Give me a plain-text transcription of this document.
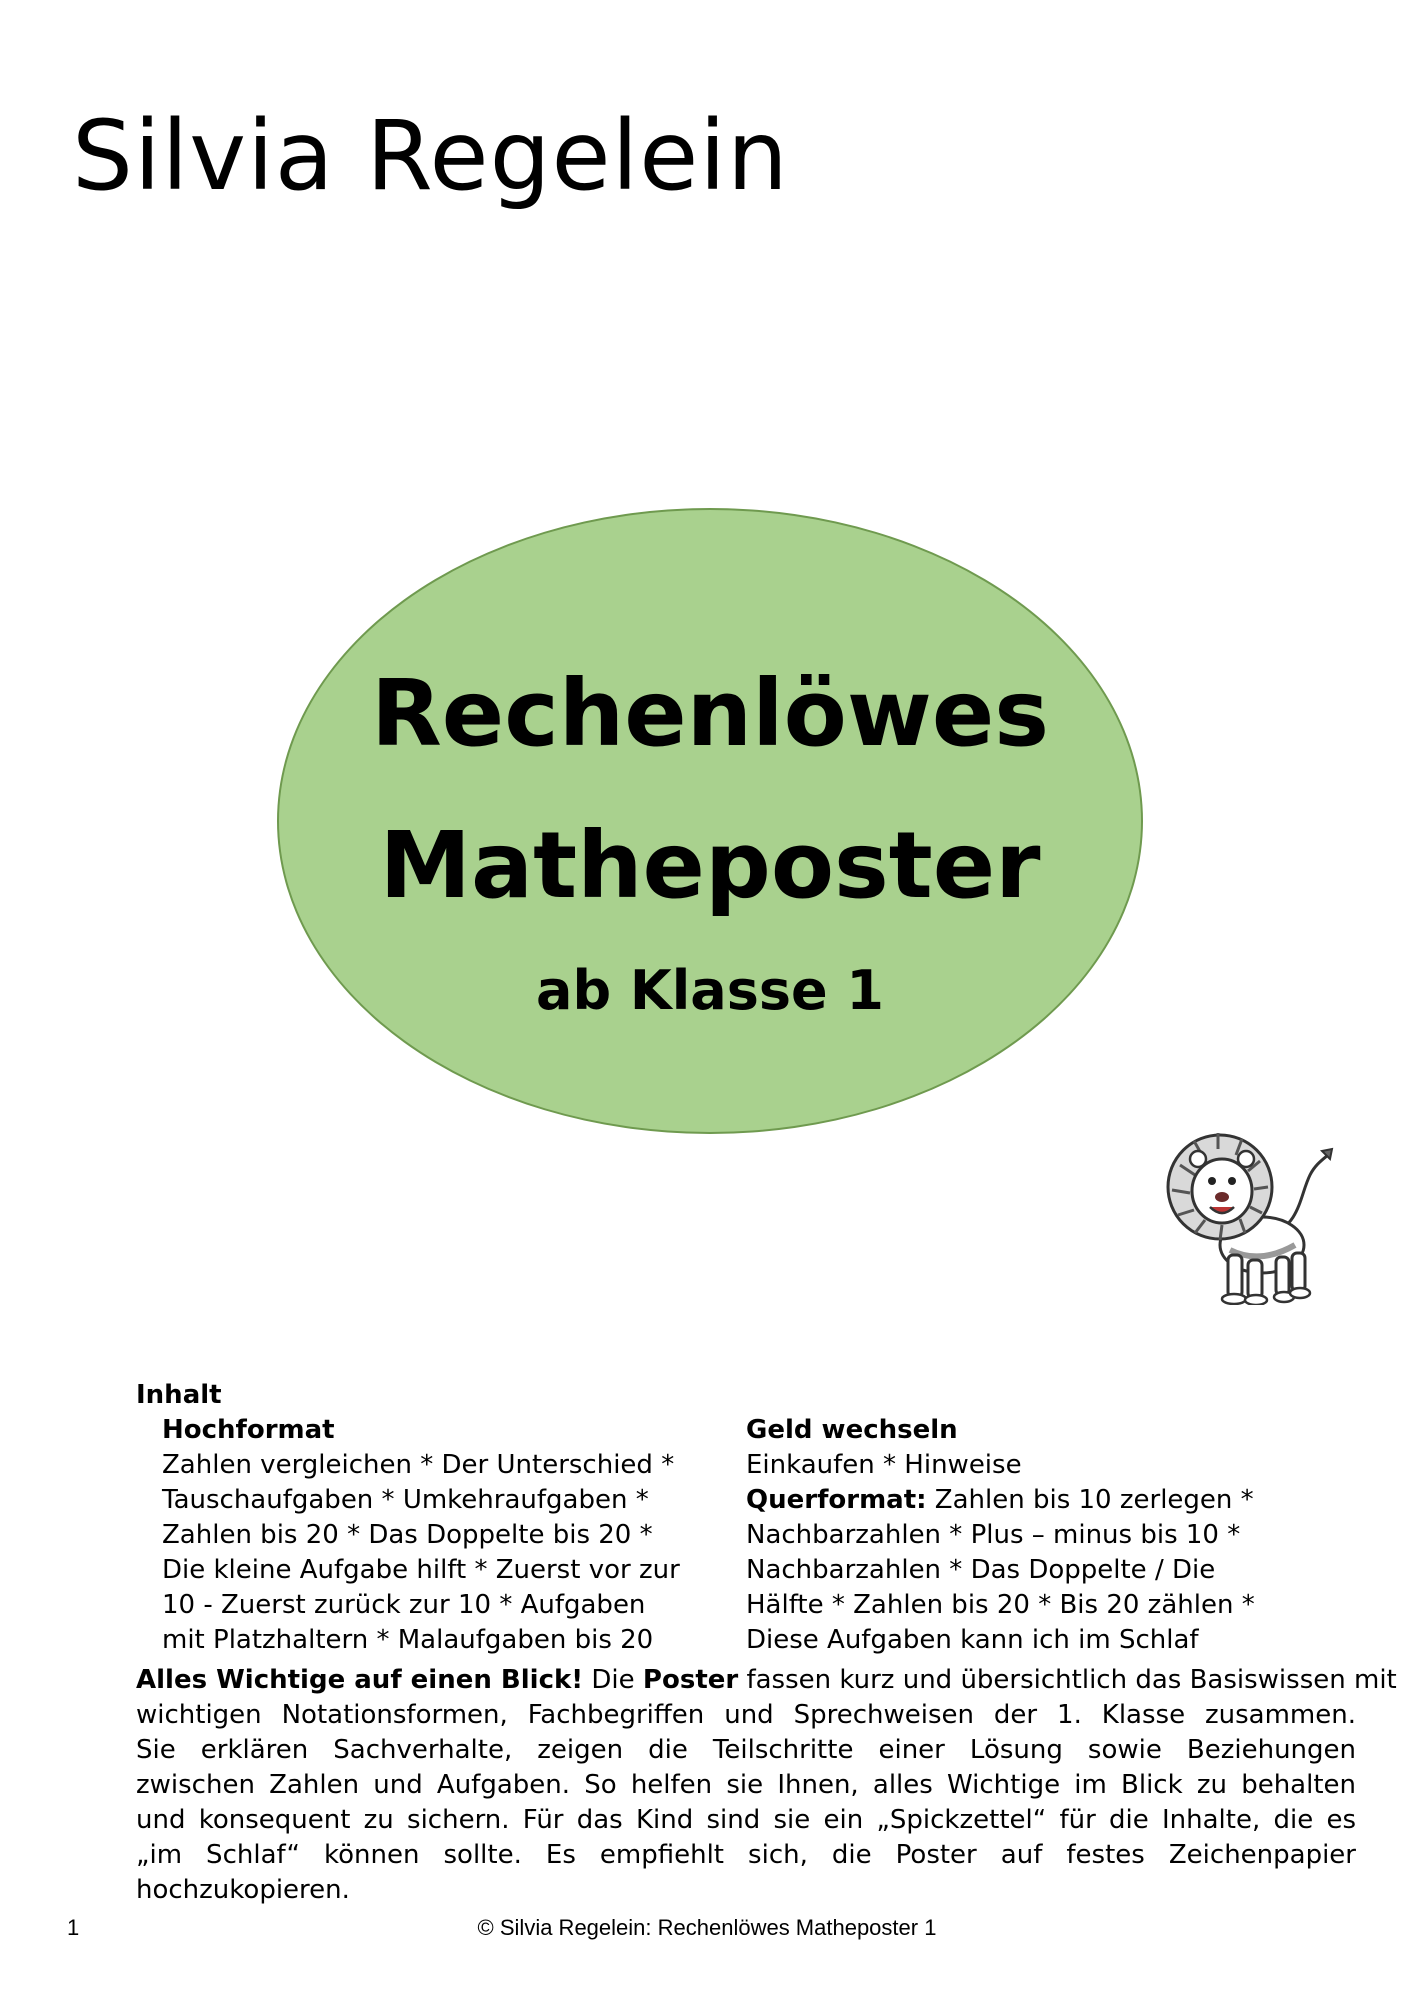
Silvia Regelein
Rechenlöwes
Matheposter
ab Klasse 1
Inhalt
Hochformat
Zahlen vergleichen * Der Unterschied *
Tauschaufgaben * Umkehraufgaben *
Zahlen bis 20 * Das Doppelte bis 20 *
Die kleine Aufgabe hilft * Zuerst vor zur
10 - Zuerst zurück zur 10 * Aufgaben
mit Platzhaltern * Malaufgaben bis 20
Geld wechseln
Einkaufen * Hinweise
Querformat: Zahlen bis 10 zerlegen *
Nachbarzahlen * Plus – minus bis 10 *
Nachbarzahlen * Das Doppelte / Die
Hälfte * Zahlen bis 20 * Bis 20 zählen *
Diese Aufgaben kann ich im Schlaf
Alles Wichtige auf einen Blick! Die Poster fassen kurz und übersichtlich das Basiswissen mit
wichtigen Notationsformen, Fachbegriffen und Sprechweisen der 1. Klasse zusammen.
Sie erklären Sachverhalte, zeigen die Teilschritte einer Lösung sowie Beziehungen
zwischen Zahlen und Aufgaben. So helfen sie Ihnen, alles Wichtige im Blick zu behalten
und konsequent zu sichern. Für das Kind sind sie ein „Spickzettel“ für die Inhalte, die es
„im Schlaf“ können sollte. Es empfiehlt sich, die Poster auf festes Zeichenpapier
hochzukopieren.
1	© Silvia Regelein: Rechenlöwes Matheposter 1
